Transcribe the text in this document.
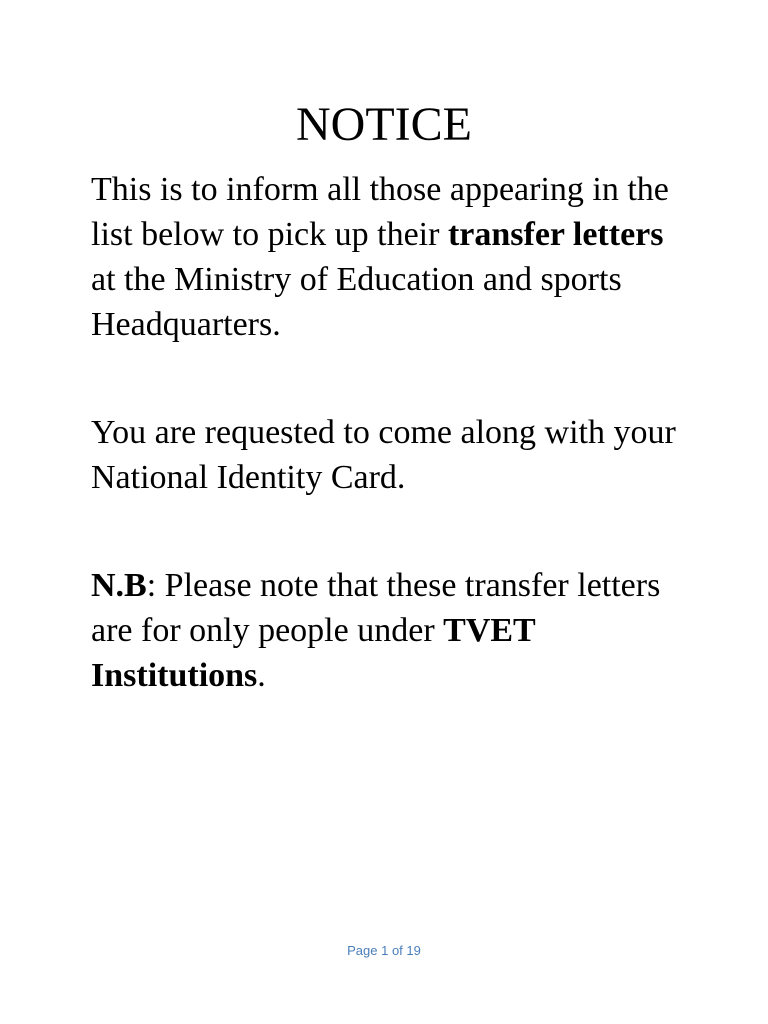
NOTICE

This is to inform all those appearing in the list below to pick up their transfer letters at the Ministry of Education and sports Headquarters.

You are requested to come along with your National Identity Card.

N.B: Please note that these transfer letters are for only people under TVET Institutions.

Page 1 of 19
